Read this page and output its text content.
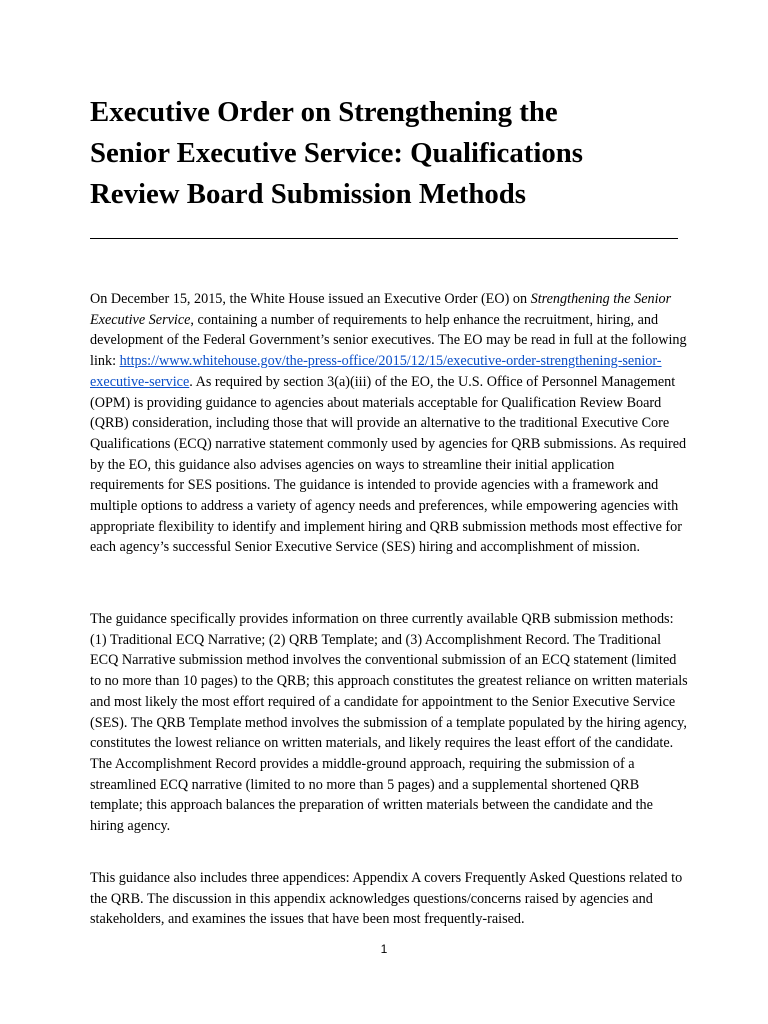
Executive Order on Strengthening the
Senior Executive Service: Qualifications
Review Board Submission Methods

On December 15, 2015, the White House issued an Executive Order (EO) on Strengthening the Senior Executive Service, containing a number of requirements to help enhance the recruitment, hiring, and development of the Federal Government’s senior executives. The EO may be read in full at the following link: https://www.whitehouse.gov/the-press-office/2015/12/15/executive-order-strengthening-senior-executive-service. As required by section 3(a)(iii) of the EO, the U.S. Office of Personnel Management (OPM) is providing guidance to agencies about materials acceptable for Qualification Review Board (QRB) consideration, including those that will provide an alternative to the traditional Executive Core Qualifications (ECQ) narrative statement commonly used by agencies for QRB submissions. As required by the EO, this guidance also advises agencies on ways to streamline their initial application requirements for SES positions. The guidance is intended to provide agencies with a framework and multiple options to address a variety of agency needs and preferences, while empowering agencies with appropriate flexibility to identify and implement hiring and QRB submission methods most effective for each agency’s successful Senior Executive Service (SES) hiring and accomplishment of mission.

The guidance specifically provides information on three currently available QRB submission methods: (1) Traditional ECQ Narrative; (2) QRB Template; and (3) Accomplishment Record. The Traditional ECQ Narrative submission method involves the conventional submission of an ECQ statement (limited to no more than 10 pages) to the QRB; this approach constitutes the greatest reliance on written materials and most likely the most effort required of a candidate for appointment to the Senior Executive Service (SES). The QRB Template method involves the submission of a template populated by the hiring agency, constitutes the lowest reliance on written materials, and likely requires the least effort of the candidate. The Accomplishment Record provides a middle-ground approach, requiring the submission of a streamlined ECQ narrative (limited to no more than 5 pages) and a supplemental shortened QRB template; this approach balances the preparation of written materials between the candidate and the hiring agency.

This guidance also includes three appendices: Appendix A covers Frequently Asked Questions related to the QRB. The discussion in this appendix acknowledges questions/concerns raised by agencies and stakeholders, and examines the issues that have been most frequently-raised.

1
